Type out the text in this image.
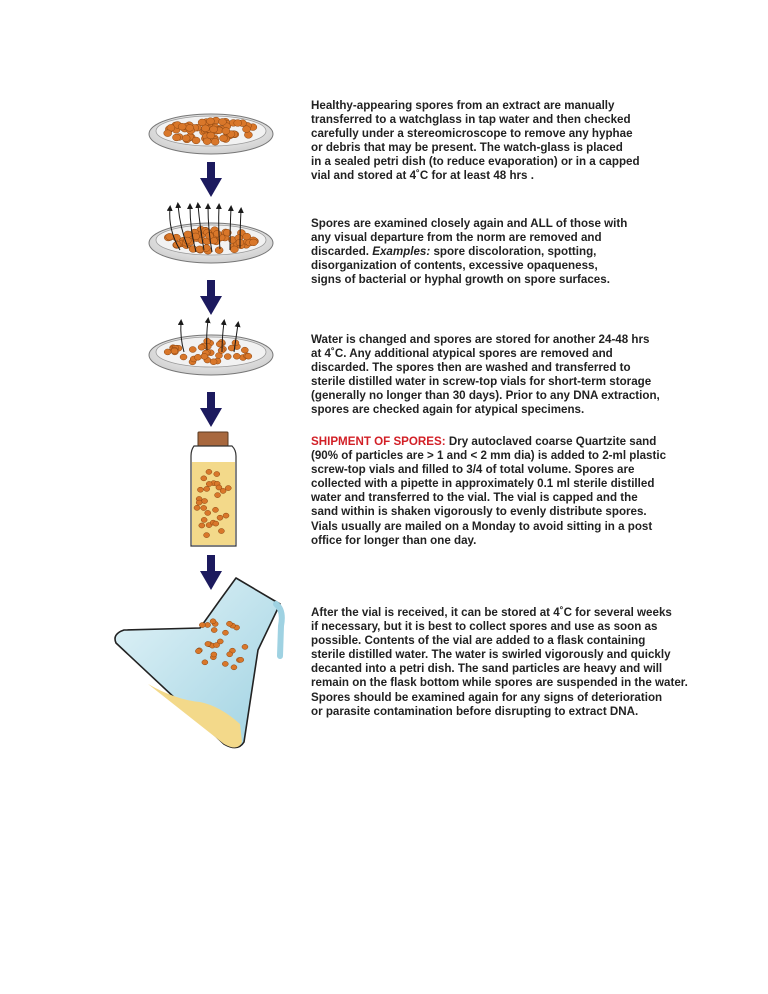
Healthy-appearing spores from an extract are manually
transferred to a watchglass in tap water and then checked
carefully under a stereomicroscope to remove any hyphae
or debris that may be present. The watch-glass is placed
in a sealed petri dish (to reduce evaporation) or in a capped
vial and stored at 4˚C for at least 48 hrs .

Spores are examined closely again and ALL of those with
any visual departure from the norm are removed and
discarded. Examples: spore discoloration, spotting,
disorganization of contents, excessive opaqueness,
signs of bacterial or hyphal growth on spore surfaces.

Water is changed and spores are stored for another 24-48 hrs
at 4˚C. Any additional atypical spores are removed and
discarded. The spores then are washed and transferred to
sterile distilled water in screw-top vials for short-term storage
(generally no longer than 30 days). Prior to any DNA extraction,
spores are checked again for atypical specimens.

SHIPMENT OF SPORES: Dry autoclaved coarse Quartzite sand
(90% of particles are > 1 and < 2 mm dia) is added to 2-ml plastic
screw-top vials and filled to 3/4 of total volume. Spores are
collected with a pipette in approximately 0.1 ml sterile distilled
water and transferred to the vial. The vial is capped and the
sand within is shaken vigorously to evenly distribute spores.
Vials usually are mailed on a Monday to avoid sitting in a post
office for longer than one day.

After the vial is received, it can be stored at 4˚C for several weeks
if necessary, but it is best to collect spores and use as soon as
possible. Contents of the vial are added to a flask containing
sterile distilled water. The water is swirled vigorously and quickly
decanted into a petri dish. The sand particles are heavy and will
remain on the flask bottom while spores are suspended in the water.
Spores should be examined again for any signs of deterioration
or parasite contamination before disrupting to extract DNA.
